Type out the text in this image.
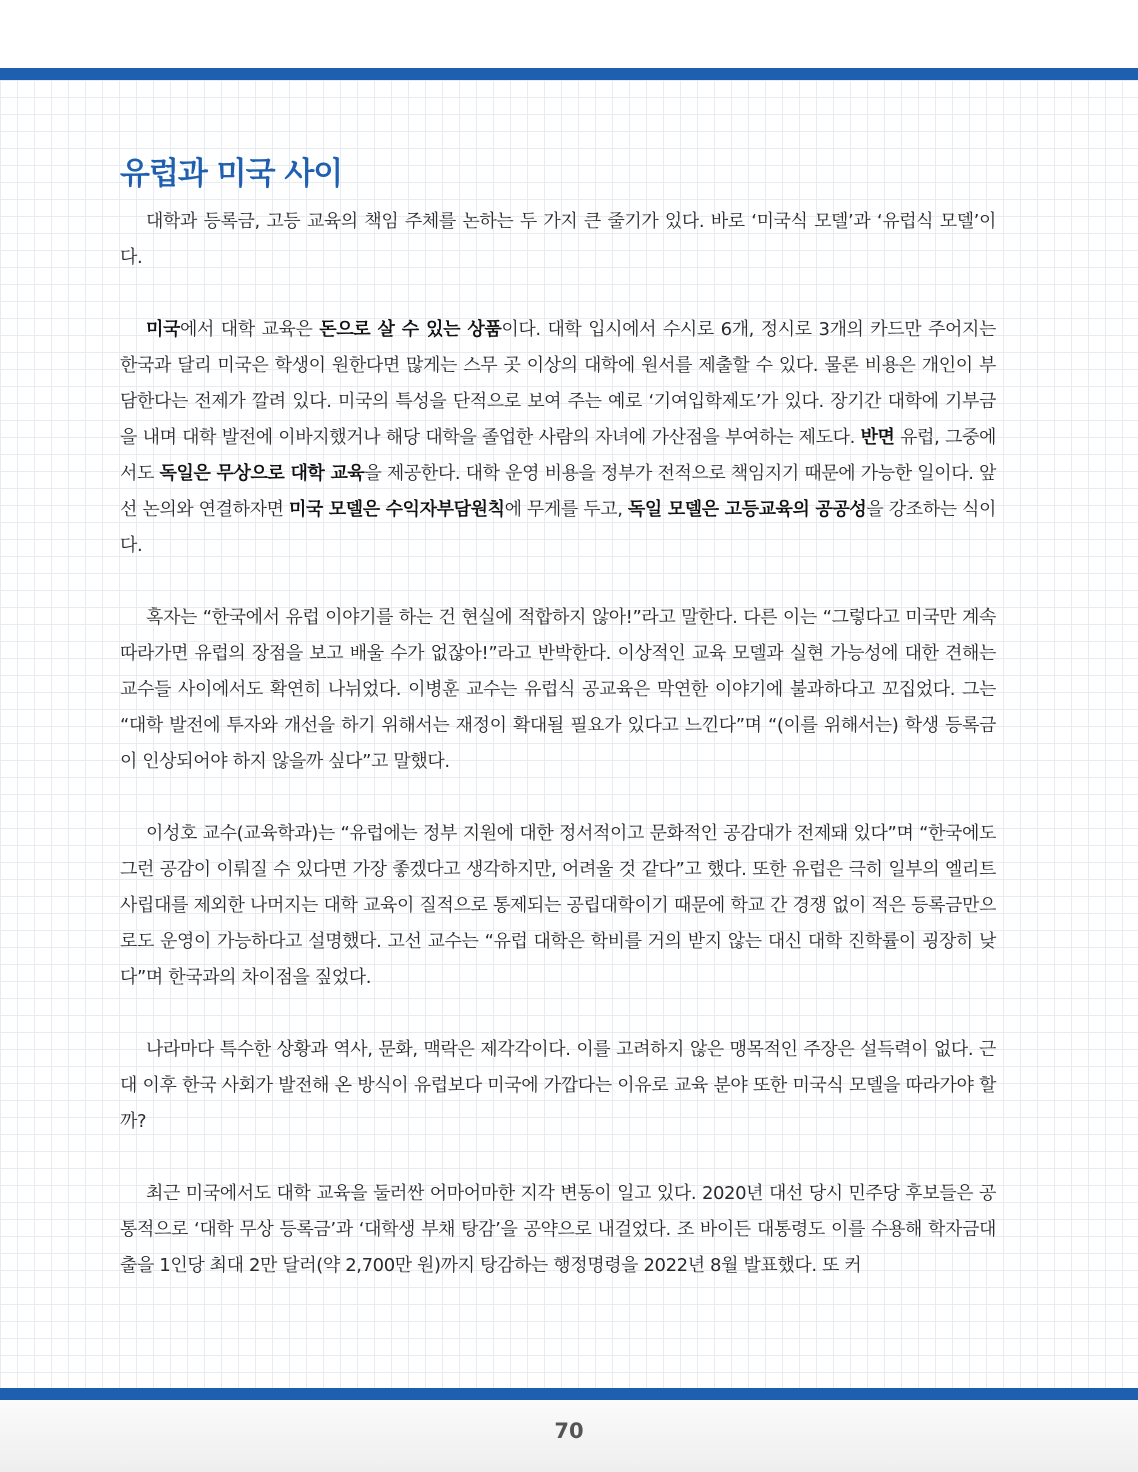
유럽과 미국 사이

대학과 등록금, 고등 교육의 책임 주체를 논하는 두 가지 큰 줄기가 있다. 바로 ‘미국식 모델’과 ‘유럽식 모델’이다.

미국에서 대학 교육은 돈으로 살 수 있는 상품이다. 대학 입시에서 수시로 6개, 정시로 3개의 카드만 주어지는 한국과 달리 미국은 학생이 원한다면 많게는 스무 곳 이상의 대학에 원서를 제출할 수 있다. 물론 비용은 개인이 부담한다는 전제가 깔려 있다. 미국의 특성을 단적으로 보여 주는 예로 ‘기여입학제도’가 있다. 장기간 대학에 기부금을 내며 대학 발전에 이바지했거나 해당 대학을 졸업한 사람의 자녀에 가산점을 부여하는 제도다. 반면 유럽, 그중에서도 독일은 무상으로 대학 교육을 제공한다. 대학 운영 비용을 정부가 전적으로 책임지기 때문에 가능한 일이다. 앞선 논의와 연결하자면 미국 모델은 수익자부담원칙에 무게를 두고, 독일 모델은 고등교육의 공공성을 강조하는 식이다.

혹자는 “한국에서 유럽 이야기를 하는 건 현실에 적합하지 않아!”라고 말한다. 다른 이는 “그렇다고 미국만 계속 따라가면 유럽의 장점을 보고 배울 수가 없잖아!”라고 반박한다. 이상적인 교육 모델과 실현 가능성에 대한 견해는 교수들 사이에서도 확연히 나뉘었다. 이병훈 교수는 유럽식 공교육은 막연한 이야기에 불과하다고 꼬집었다. 그는 “대학 발전에 투자와 개선을 하기 위해서는 재정이 확대될 필요가 있다고 느낀다”며 “(이를 위해서는) 학생 등록금이 인상되어야 하지 않을까 싶다”고 말했다.

이성호 교수(교육학과)는 “유럽에는 정부 지원에 대한 정서적이고 문화적인 공감대가 전제돼 있다”며 “한국에도 그런 공감이 이뤄질 수 있다면 가장 좋겠다고 생각하지만, 어려울 것 같다”고 했다. 또한 유럽은 극히 일부의 엘리트 사립대를 제외한 나머지는 대학 교육이 질적으로 통제되는 공립대학이기 때문에 학교 간 경쟁 없이 적은 등록금만으로도 운영이 가능하다고 설명했다. 고선 교수는 “유럽 대학은 학비를 거의 받지 않는 대신 대학 진학률이 굉장히 낮다”며 한국과의 차이점을 짚었다.

나라마다 특수한 상황과 역사, 문화, 맥락은 제각각이다. 이를 고려하지 않은 맹목적인 주장은 설득력이 없다. 근대 이후 한국 사회가 발전해 온 방식이 유럽보다 미국에 가깝다는 이유로 교육 분야 또한 미국식 모델을 따라가야 할까?

최근 미국에서도 대학 교육을 둘러싼 어마어마한 지각 변동이 일고 있다. 2020년 대선 당시 민주당 후보들은 공통적으로 ‘대학 무상 등록금’과 ‘대학생 부채 탕감’을 공약으로 내걸었다. 조 바이든 대통령도 이를 수용해 학자금대출을 1인당 최대 2만 달러(약 2,700만 원)까지 탕감하는 행정명령을 2022년 8월 발표했다. 또 커

70
